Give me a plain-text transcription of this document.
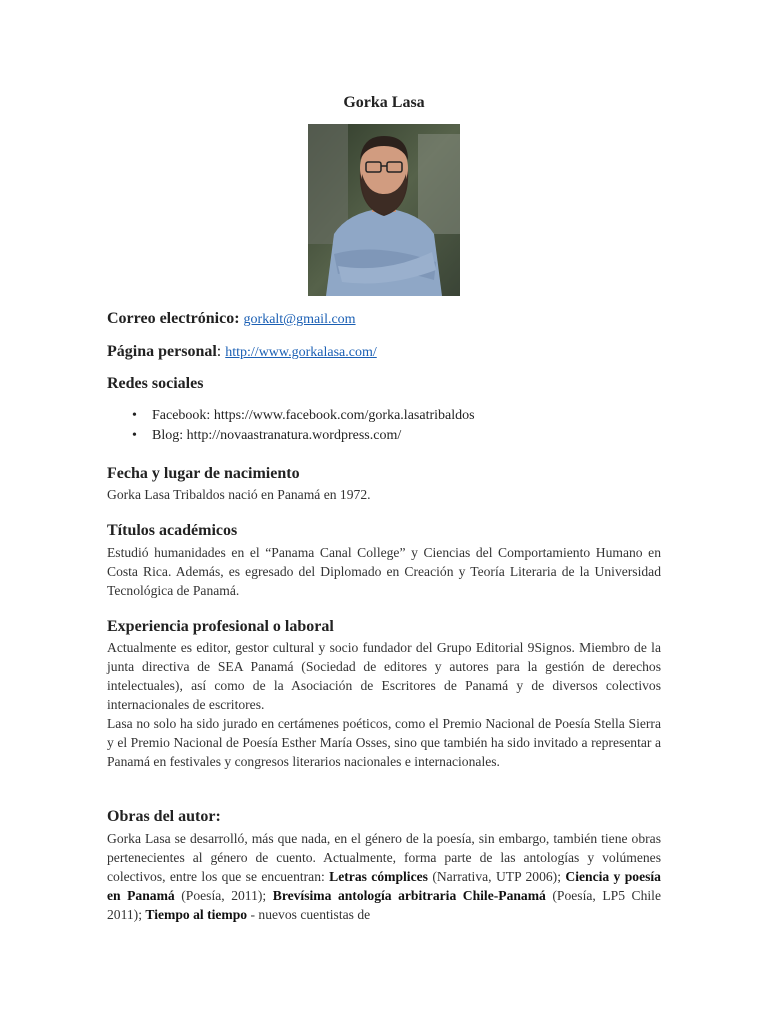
Gorka Lasa
Correo electrónico: gorkalt@gmail.com
Página personal: http://www.gorkalasa.com/
Redes sociales
• Facebook: https://www.facebook.com/gorka.lasatribaldos
• Blog: http://novaastranatura.wordpress.com/
Fecha y lugar de nacimiento

Gorka Lasa Tribaldos nació en Panamá en 1972.

Títulos académicos

Estudió humanidades en el “Panama Canal College” y Ciencias del Comportamiento Humano en Costa Rica. Además, es egresado del Diplomado en Creación y Teoría Literaria de la Universidad Tecnológica de Panamá.

Experiencia profesional o laboral

Actualmente es editor, gestor cultural y socio fundador del Grupo Editorial 9Signos. Miembro de la junta directiva de SEA Panamá (Sociedad de editores y autores para la gestión de derechos intelectuales), así como de la Asociación de Escritores de Panamá y de diversos colectivos internacionales de escritores.

Lasa no solo ha sido jurado en certámenes poéticos, como el Premio Nacional de Poesía Stella Sierra y el Premio Nacional de Poesía Esther María Osses, sino que también ha sido invitado a representar a Panamá en festivales y congresos literarios nacionales e internacionales.

Obras del autor:

Gorka Lasa se desarrolló, más que nada, en el género de la poesía, sin embargo, también tiene obras pertenecientes al género de cuento. Actualmente, forma parte de las antologías y volúmenes colectivos, entre los que se encuentran: Letras cómplices (Narrativa, UTP 2006); Ciencia y poesía en Panamá (Poesía, 2011); Brevísima antología arbitraria Chile-Panamá (Poesía, LP5 Chile 2011); Tiempo al tiempo - nuevos cuentistas de
